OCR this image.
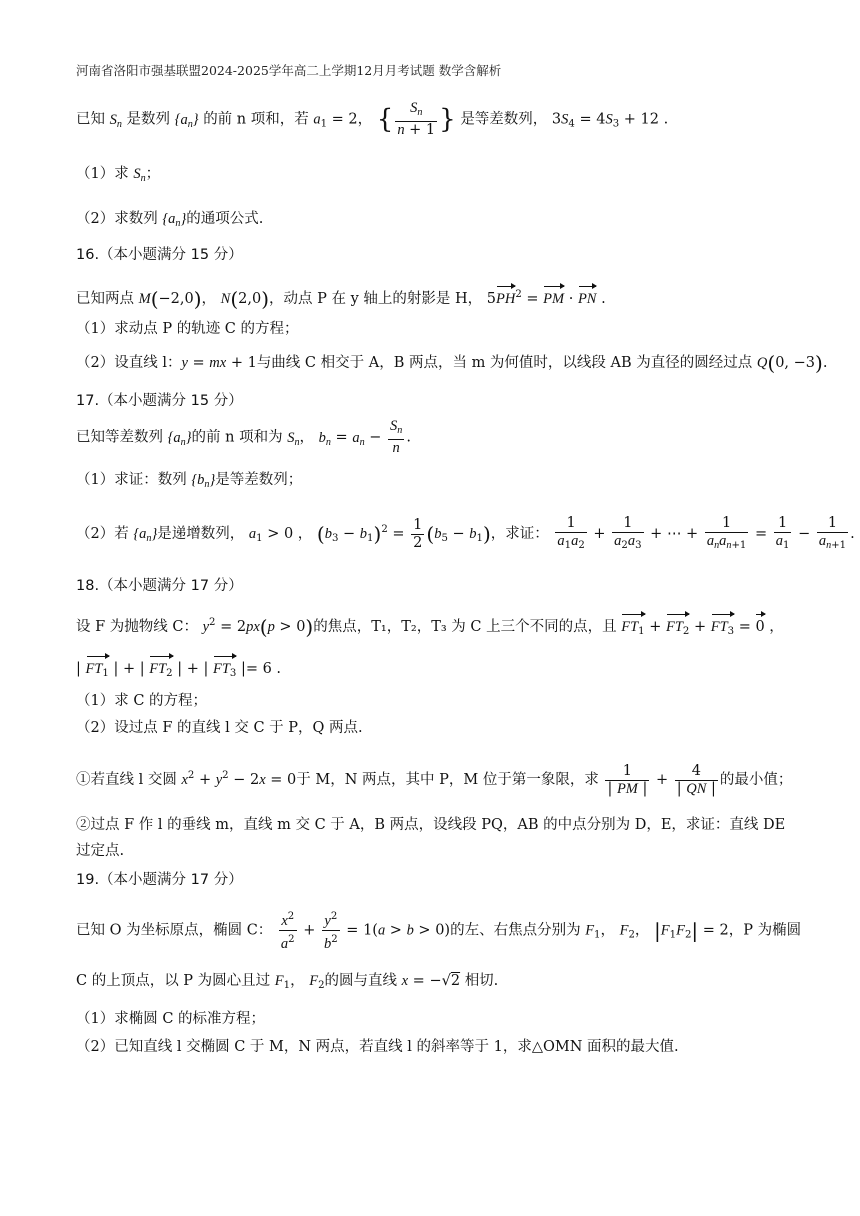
河南省洛阳市强基联盟2024-2025学年高二上学期12月月考试题 数学含解析
已知 $S_n$ 是数列 $\{a_n\}$ 的前 n 项和，若 $a_1 = 2$， { $\frac{S_n}{n + 1}$ } 是等差数列， $3S_4 = 4S_3 + 12$ .
（1）求 $S_n$；
（2）求数列 $\{a_n\}$的通项公式.
16.（本小题满分 15 分）
已知两点 M(−2,0)， N(2,0)，动点 P 在 y 轴上的射影是 H， $5PH^2$ = PM · PN .
（1）求动点 P 的轨迹 C 的方程；
（2）设直线 l：y = mx + 1与曲线 C 相交于 A，B 两点，当 m 为何值时，以线段 AB 为直径的圆经过点 Q(0, −3).
17.（本小题满分 15 分）
已知等差数列 $\{a_n\}$的前 n 项和为 $S_n$， $b_n = a_n - \frac{S_n}{n}$ .
（1）求证：数列 $\{b_n\}$是等差数列；
（2）若 $\{a_n\}$是递增数列， $a_1 > 0$ ， $(b_3 - b_1)^2 = \frac{1}{2} (b_5 - b_1)$，求证： $\frac{1}{a_1a_2} + \frac{1}{a_2a_3}$ + ⋯ + $\frac{1}{a_na_{n+1}} = \frac{1}{a_1} - \frac{1}{a_{n+1}}$ .
18.（本小题满分 17 分）
设 F 为抛物线 C： $y^2 = 2px(p > 0)$的焦点，T₁，T₂，T₃ 为 C 上三个不同的点，且 $FT_1 + FT_2 + FT_3 = 0$ ，
| $FT_1$ | + | $FT_2$ | + | $FT_3$ |= 6 .
（1）求 C 的方程；
（2）设过点 F 的直线 l 交 C 于 P，Q 两点.
①若直线 l 交圆 $x^2 + y^2 - 2x = 0$于 M，N 两点，其中 P，M 位于第一象限，求 $\frac{1}{| PM |} + \frac{4}{| QN |}$ 的最小值；
②过点 F 作 l 的垂线 m，直线 m 交 C 于 A，B 两点，设线段 PQ，AB 的中点分别为 D，E，求证：直线 DE
过定点.
19.（本小题满分 17 分）
已知 O 为坐标原点，椭圆 C： $\frac{x^2}{a^2} + \frac{y^2}{b^2} = 1(a > b > 0)$的左、右焦点分别为 $F_1$， $F_2$， $|F_1F_2| = 2$，P 为椭圆
C 的上顶点，以 P 为圆心且过 $F_1$， $F_2$的圆与直线 x = −√2 相切.
（1）求椭圆 C 的标准方程；
（2）已知直线 l 交椭圆 C 于 M，N 两点，若直线 l 的斜率等于 1，求△OMN 面积的最大值.
